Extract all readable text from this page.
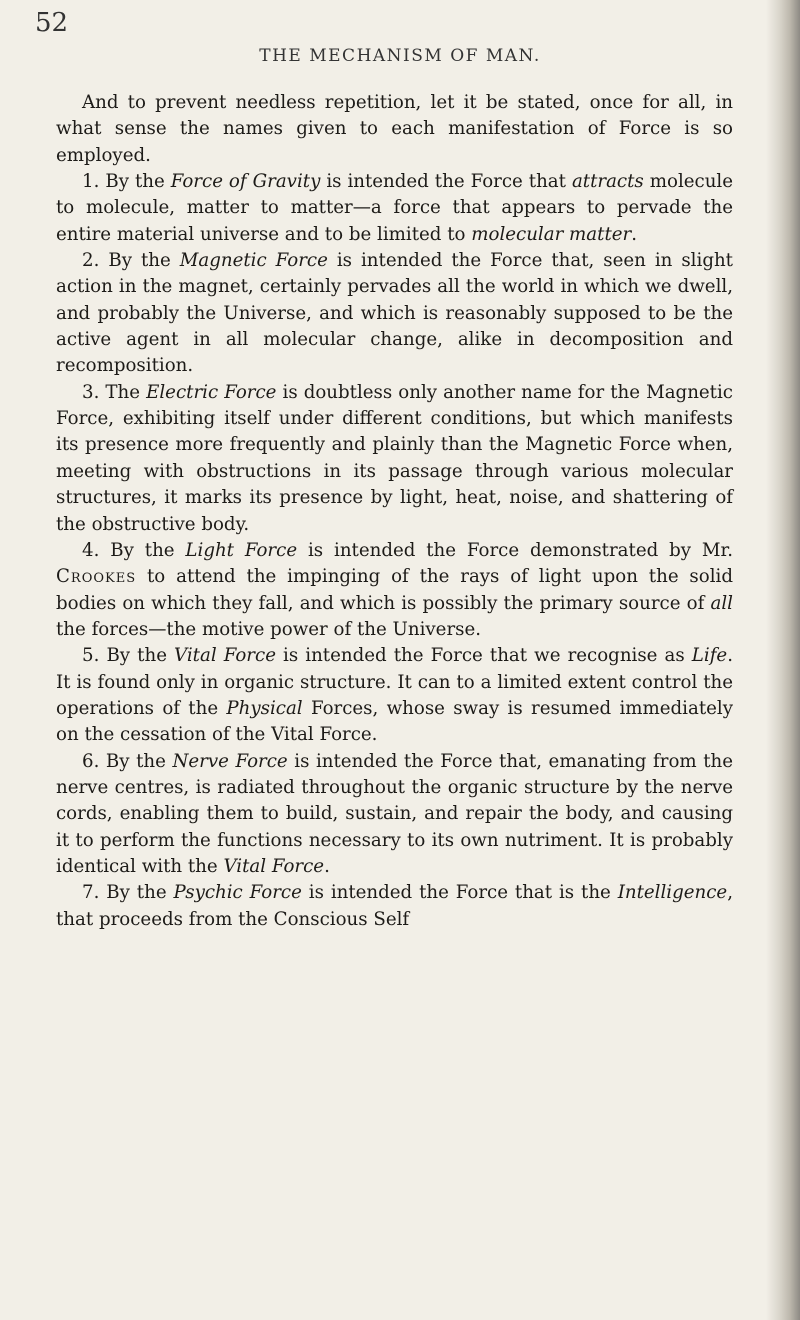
52
THE MECHANISM OF MAN.

And to prevent needless repetition, let it be stated, once for all, in what sense the names given to each manifestation of Force is so employed.

1. By the Force of Gravity is intended the Force that attracts molecule to molecule, matter to matter—a force that appears to pervade the entire material universe and to be limited to molecular matter.

2. By the Magnetic Force is intended the Force that, seen in slight action in the magnet, certainly pervades all the world in which we dwell, and probably the Universe, and which is reasonably supposed to be the active agent in all molecular change, alike in decomposition and recomposition.

3. The Electric Force is doubtless only another name for the Magnetic Force, exhibiting itself under different conditions, but which manifests its presence more frequently and plainly than the Magnetic Force when, meeting with obstructions in its passage through various molecular structures, it marks its presence by light, heat, noise, and shattering of the obstructive body.

4. By the Light Force is intended the Force demonstrated by Mr. Crookes to attend the impinging of the rays of light upon the solid bodies on which they fall, and which is possibly the primary source of all the forces—the motive power of the Universe.

5. By the Vital Force is intended the Force that we recognise as Life. It is found only in organic structure. It can to a limited extent control the operations of the Physical Forces, whose sway is resumed immediately on the cessation of the Vital Force.

6. By the Nerve Force is intended the Force that, emanating from the nerve centres, is radiated throughout the organic structure by the nerve cords, enabling them to build, sustain, and repair the body, and causing it to perform the functions necessary to its own nutriment. It is probably identical with the Vital Force.

7. By the Psychic Force is intended the Force that is the Intelligence, that proceeds from the Conscious Self
